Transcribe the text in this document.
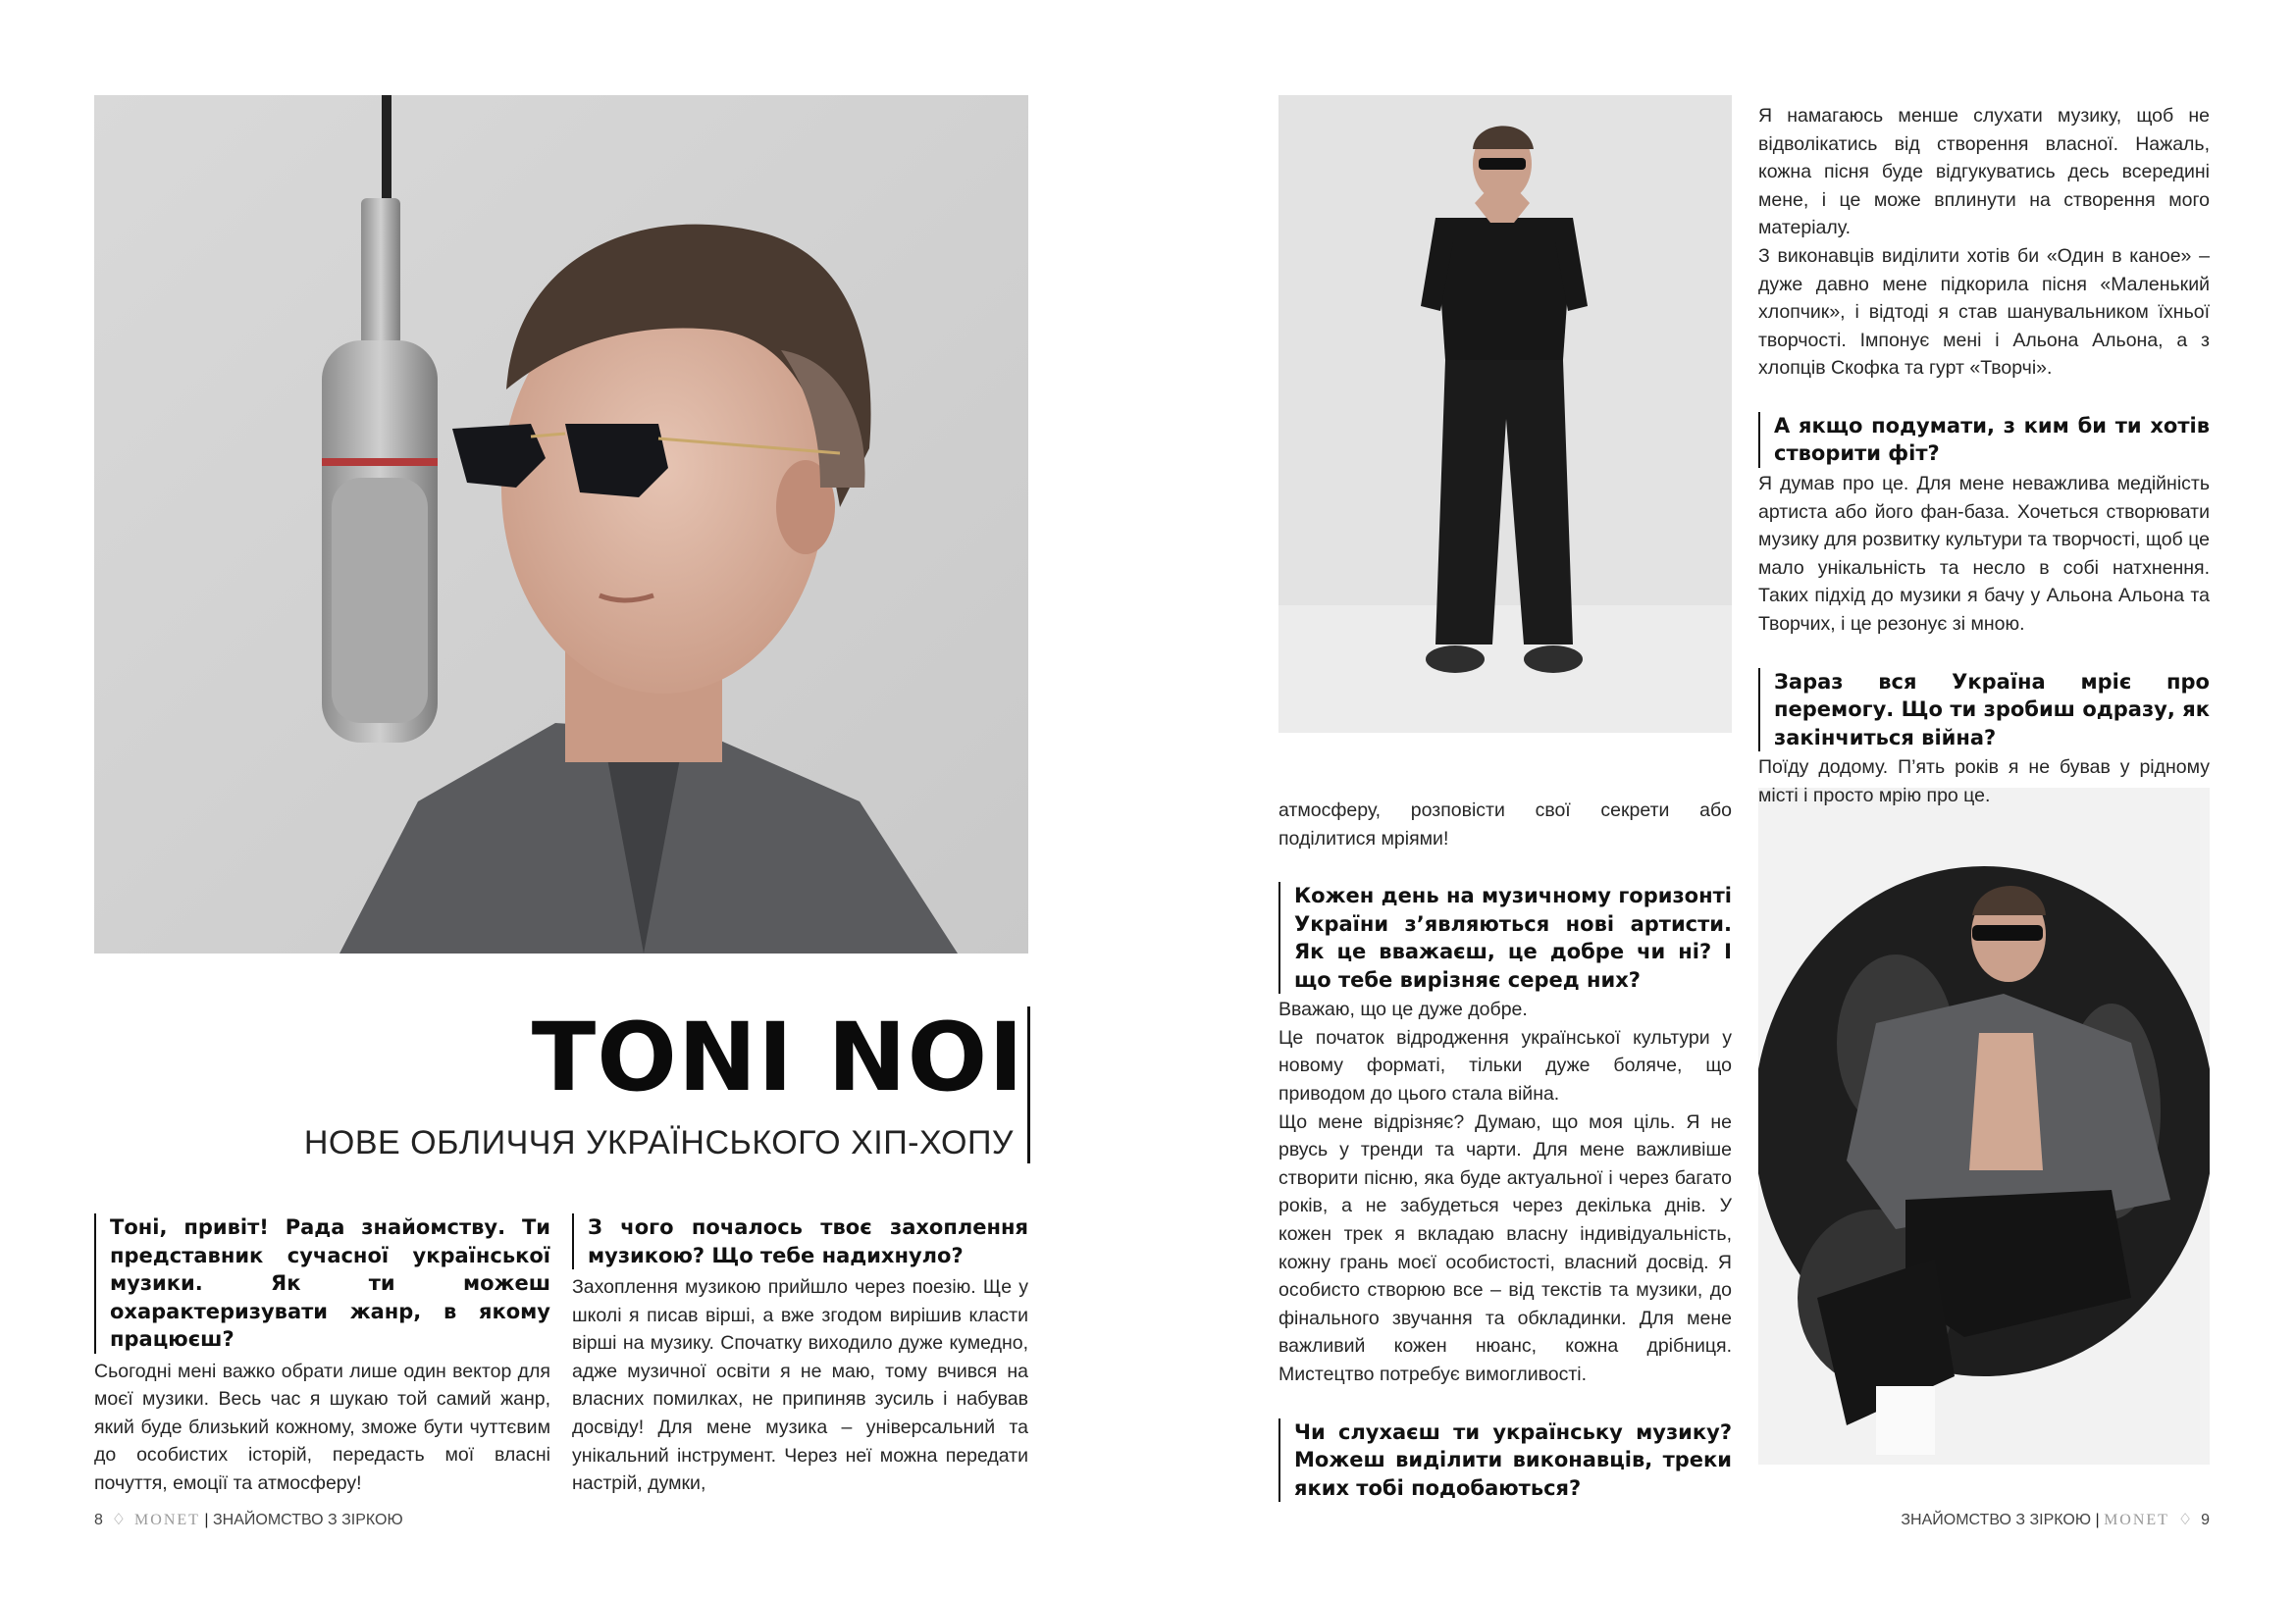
TONI NOI
НОВЕ ОБЛИЧЧЯ УКРАЇНСЬКОГО ХІП-ХОПУ
Тоні, привіт! Рада знайомству. Ти представник сучасної української музики. Як ти можеш охарактеризувати жанр, в якому працюєш?

Сьогодні мені важко обрати лише один вектор для моєї музики. Весь час я шукаю той самий жанр, який буде близький кожному, зможе бути чуттєвим до особистих історій, передасть мої власні почуття, емоції та атмосферу!

З чого почалось твоє захоплення музикою? Що тебе надихнуло?

Захоплення музикою прийшло через поезію. Ще у школі я писав вірші, а вже згодом вирішив класти вірші на музику. Спочатку виходило дуже кумедно, адже музичної освіти я не маю, тому вчився на власних помилках, не припиняв зусиль і набував досвіду! Для мене музика – універсальний та унікальний інструмент. Через неї можна передати настрій, думки,

8  ♢  MONET | ЗНАЙОМСТВО З ЗІРКОЮ

Я намагаюсь менше слухати музику, щоб не відволікатись від створення власної. Нажаль, кожна пісня буде відгукуватись десь всередині мене, і це може вплинути на створення мого матеріалу.

З виконавців виділити хотів би «Один в каное» – дуже давно мене підкорила пісня «Маленький хлопчик», і відтоді я став шанувальником їхньої творчості. Імпонує мені і Альона Альона, а з хлопців Скофка та гурт «Творчі».

А якщо подумати, з ким би ти хотів створити фіт?

Я думав про це. Для мене неважлива медійність артиста або його фан-база. Хочеться створювати музику для розвитку культури та творчості, щоб це мало унікальність та несло в собі натхнення. Таких підхід до музики я бачу у Альона Альона та Творчих, і це резонує зі мною.

Зараз вся Україна мріє про перемогу. Що ти зробиш одразу, як закінчиться війна?

Поїду додому. П’ять років я не бував у рідному місті і просто мрію про це.

атмосферу, розповісти свої секрети або поділитися мріями!

Кожен день на музичному горизонті України з’являються нові артисти. Як це вважаєш, це добре чи ні? І що тебе вирізняє серед них?

Вважаю, що це дуже добре.

Це початок відродження української культури у новому форматі, тільки дуже боляче, що приводом до цього стала війна.

Що мене відрізняє? Думаю, що моя ціль. Я не рвусь у тренди та чарти. Для мене важливіше створити пісню, яка буде актуальної і через багато років, а не забудеться через декілька днів. У кожен трек я вкладаю власну індивідуальність, кожну грань моєї особистості, власний досвід. Я особисто створюю все – від текстів та музики, до фінального звучання та обкладинки. Для мене важливий кожен нюанс, кожна дрібниця. Мистецтво потребує вимогливості.

Чи слухаєш ти українську музику? Можеш виділити виконавців, треки яких тобі подобаються?
ЗНАЙОМСТВО З ЗІРКОЮ | MONET  ♢  9
